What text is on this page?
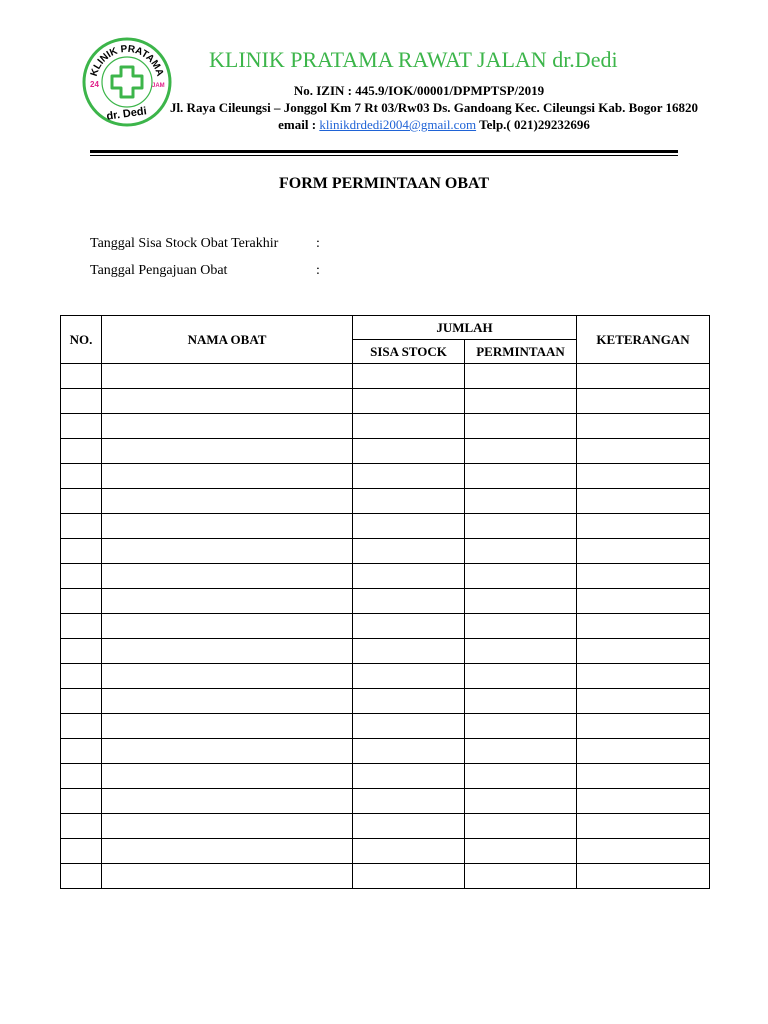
KLINIK PRATAMA
24	JAM
dr. Dedi
KLINIK PRATAMA RAWAT JALAN dr.Dedi
No. IZIN : 445.9/IOK/00001/DPMPTSP/2019
Jl. Raya Cileungsi – Jonggol Km 7 Rt 03/Rw03 Ds. Gandoang Kec. Cileungsi Kab. Bogor 16820
email : klinikdrdedi2004@gmail.com Telp.( 021)29232696
FORM PERMINTAAN OBAT
Tanggal Sisa Stock Obat Terakhir	:
Tanggal Pengajuan Obat	:
NO.	NAMA OBAT	JUMLAH		KETERANGAN
		SISA STOCK	PERMINTAAN	
